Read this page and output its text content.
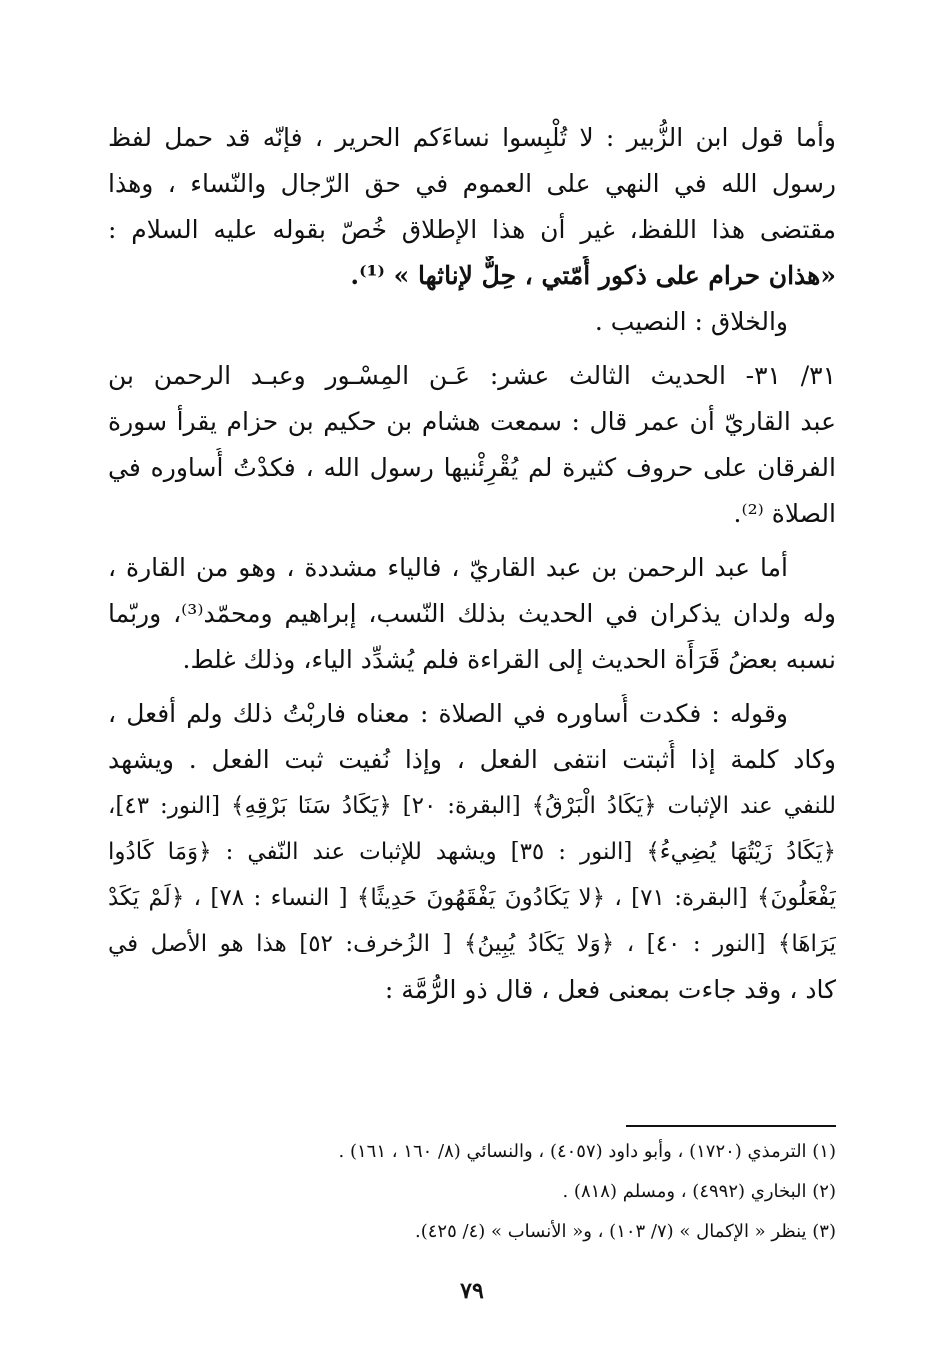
وأما قول ابن الزُّبير : لا تُلْبِسوا نساءَكم الحرير ، فإنّه قد حمل لفظ
رسول الله في النهي على العموم في حق الرّجال والنّساء ، وهذا
مقتضى هذا اللفظ، غير أن هذا الإطلاق خُصّ بقوله عليه السلام :
«هذان حرام على ذكور أُمّتي ، حِلٌّ لإناثها » ⁽¹⁾.
والخلاق : النصيب .
٣١/ ٣١- الحديث الثالث عشر: عَـن المِسْـور وعبـد الرحمن بن
عبد القاريّ أن عمر قال : سمعت هشام بن حكيم بن حزام يقرأ سورة
الفرقان على حروف كثيرة لم يُقْرِئْنيها رسول الله ، فكدْتُ أُساوره في
الصلاة ⁽²⁾.
أما عبد الرحمن بن عبد القاريّ ، فالياء مشددة ، وهو من القارة ،
وله ولدان يذكران في الحديث بذلك النّسب، إبراهيم ومحمّد⁽³⁾، وربّما
نسبه بعضُ قَرَأَة الحديث إلى القراءة فلم يُشدِّد الياء، وذلك غلط.
وقوله : فكدت أُساوره في الصلاة : معناه فاربْتُ ذلك ولم أفعل ،
وكاد كلمة إذا أُثبتت انتفى الفعل ، وإذا نُفيت ثبت الفعل . ويشهد
للنفي عند الإثبات ﴿يَكَادُ الْبَرْقُ﴾ [البقرة: ٢٠] ﴿يَكَادُ سَنَا بَرْقِهِ﴾ [النور: ٤٣]،
﴿يَكَادُ زَيْتُهَا يُضِيءُ﴾ [النور : ٣٥] ويشهد للإثبات عند النّفي : ﴿وَمَا كَادُوا
يَفْعَلُونَ﴾ [البقرة: ٧١] ، ﴿لا يَكَادُونَ يَفْقَهُونَ حَدِيثًا﴾ [ النساء : ٧٨] ، ﴿لَمْ يَكَدْ
يَرَاهَا﴾ [النور : ٤٠] ، ﴿وَلا يَكَادُ يُبِينُ﴾ [ الزُخرف: ٥٢] هذا هو الأصل في
كاد ، وقد جاءت بمعنى فعل ، قال ذو الرُّمَّة :
(١) الترمذي (١٧٢٠) ، وأبو داود (٤٠٥٧) ، والنسائي (٨/ ١٦٠ ، ١٦١) .
(٢) البخاري (٤٩٩٢) ، ومسلم (٨١٨) .
(٣) ينظر « الإكمال » (٧/ ١٠٣) ، و« الأنساب » (٤/ ٤٢٥).
٧٩
